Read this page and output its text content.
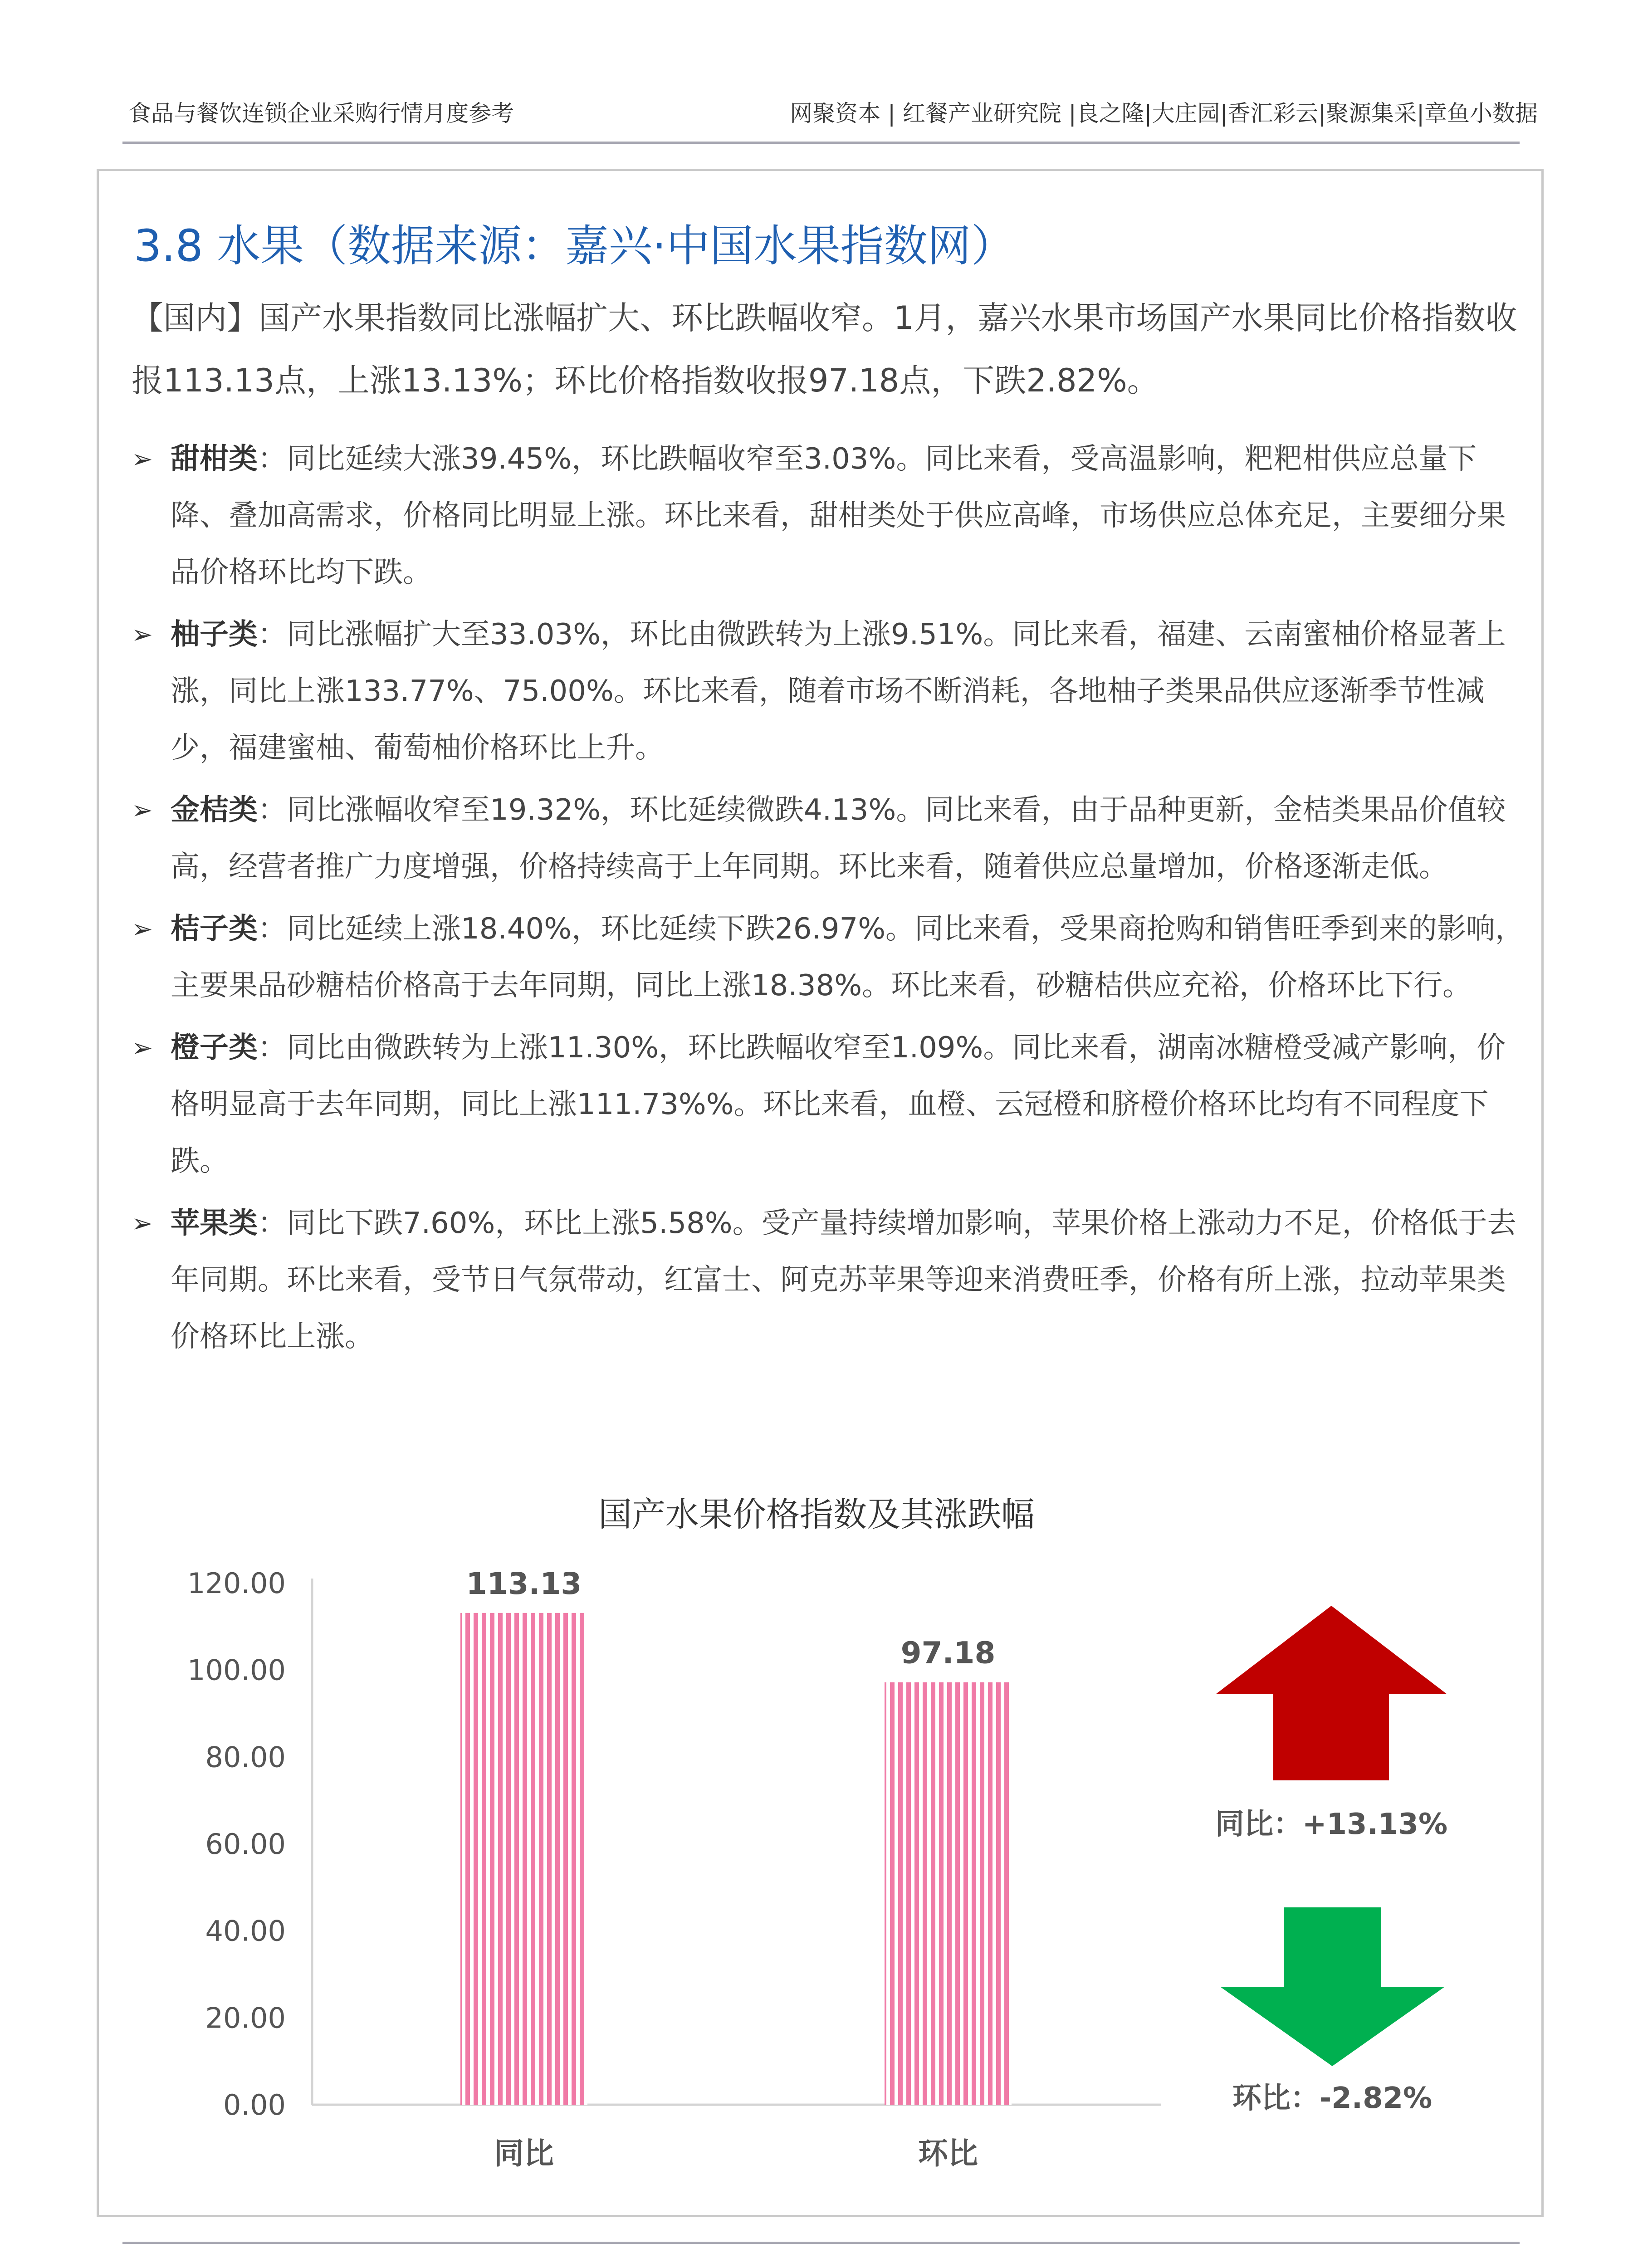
食品与餐饮连锁企业采购行情月度参考	网聚资本 | 红餐产业研究院 |良之隆|大庄园|香汇彩云|聚源集采|章鱼小数据
3.8 水果（数据来源：嘉兴·中国水果指数网）
【国内】国产水果指数同比涨幅扩大、环比跌幅收窄。1月，嘉兴水果市场国产水果同比价格指数收报113.13点，上涨13.13%；环比价格指数收报97.18点，下跌2.82%。
➢ 甜柑类：同比延续大涨39.45%，环比跌幅收窄至3.03%。同比来看，受高温影响，粑粑柑供应总量下降、叠加高需求，价格同比明显上涨。环比来看，甜柑类处于供应高峰，市场供应总体充足，主要细分果品价格环比均下跌。
➢ 柚子类：同比涨幅扩大至33.03%，环比由微跌转为上涨9.51%。同比来看，福建、云南蜜柚价格显著上涨，同比上涨133.77%、75.00%。环比来看，随着市场不断消耗，各地柚子类果品供应逐渐季节性减少，福建蜜柚、葡萄柚价格环比上升。
➢ 金桔类：同比涨幅收窄至19.32%，环比延续微跌4.13%。同比来看，由于品种更新，金桔类果品价值较高，经营者推广力度增强，价格持续高于上年同期。环比来看，随着供应总量增加，价格逐渐走低。
➢ 桔子类：同比延续上涨18.40%，环比延续下跌26.97%。同比来看，受果商抢购和销售旺季到来的影响，主要果品砂糖桔价格高于去年同期，同比上涨18.38%。环比来看，砂糖桔供应充裕，价格环比下行。
➢ 橙子类：同比由微跌转为上涨11.30%，环比跌幅收窄至1.09%。同比来看，湖南冰糖橙受减产影响，价格明显高于去年同期，同比上涨111.73%%。环比来看，血橙、云冠橙和脐橙价格环比均有不同程度下跌。
➢ 苹果类：同比下跌7.60%，环比上涨5.58%。受产量持续增加影响，苹果价格上涨动力不足，价格低于去年同期。环比来看，受节日气氛带动，红富士、阿克苏苹果等迎来消费旺季，价格有所上涨，拉动苹果类价格环比上涨。
国产水果价格指数及其涨跌幅
0.00
20.00
40.00
60.00
80.00
100.00
120.00	113.13
同比
97.18
环比
同比：+13.13%
环比：-2.82%
